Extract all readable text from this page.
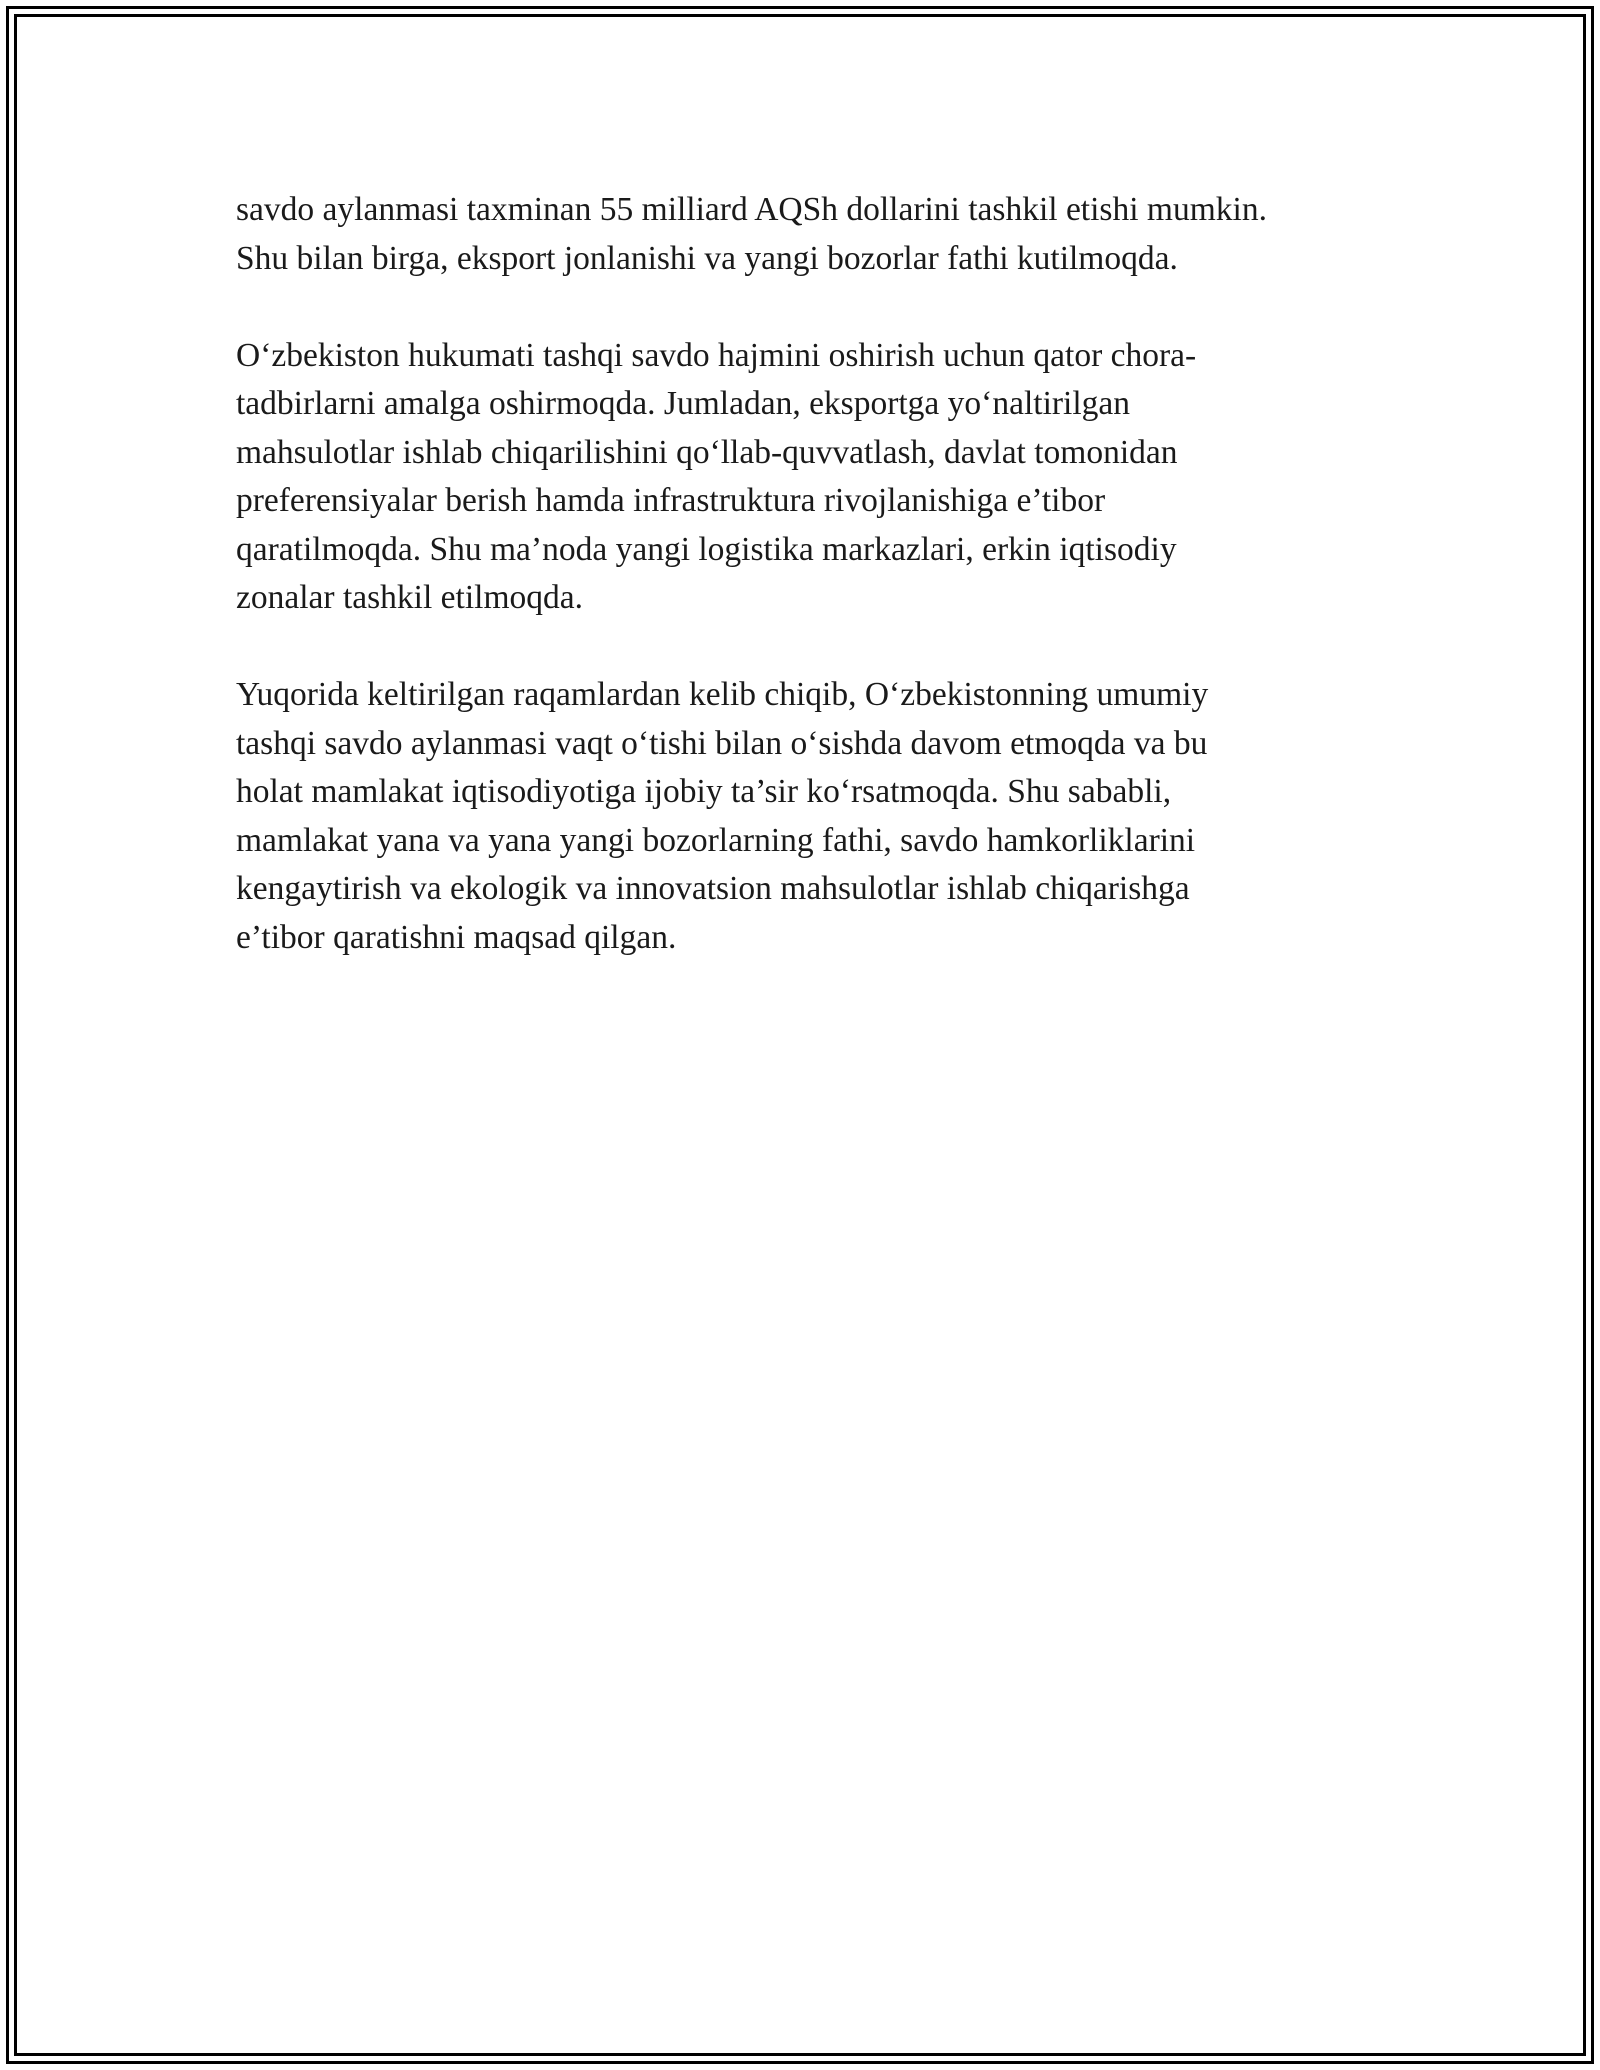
savdo aylanmasi taxminan 55 milliard AQSh dollarini tashkil etishi mumkin.
Shu bilan birga, eksport jonlanishi va yangi bozorlar fathi kutilmoqda.

O‘zbekiston hukumati tashqi savdo hajmini oshirish uchun qator chora-
tadbirlarni amalga oshirmoqda. Jumladan, eksportga yo‘naltirilgan
mahsulotlar ishlab chiqarilishini qo‘llab-quvvatlash, davlat tomonidan
preferensiyalar berish hamda infrastruktura rivojlanishiga e’tibor
qaratilmoqda. Shu ma’noda yangi logistika markazlari, erkin iqtisodiy
zonalar tashkil etilmoqda.

Yuqorida keltirilgan raqamlardan kelib chiqib, O‘zbekistonning umumiy
tashqi savdo aylanmasi vaqt o‘tishi bilan o‘sishda davom etmoqda va bu
holat mamlakat iqtisodiyotiga ijobiy ta’sir ko‘rsatmoqda. Shu sababli,
mamlakat yana va yana yangi bozorlarning fathi, savdo hamkorliklarini
kengaytirish va ekologik va innovatsion mahsulotlar ishlab chiqarishga
e’tibor qaratishni maqsad qilgan.
